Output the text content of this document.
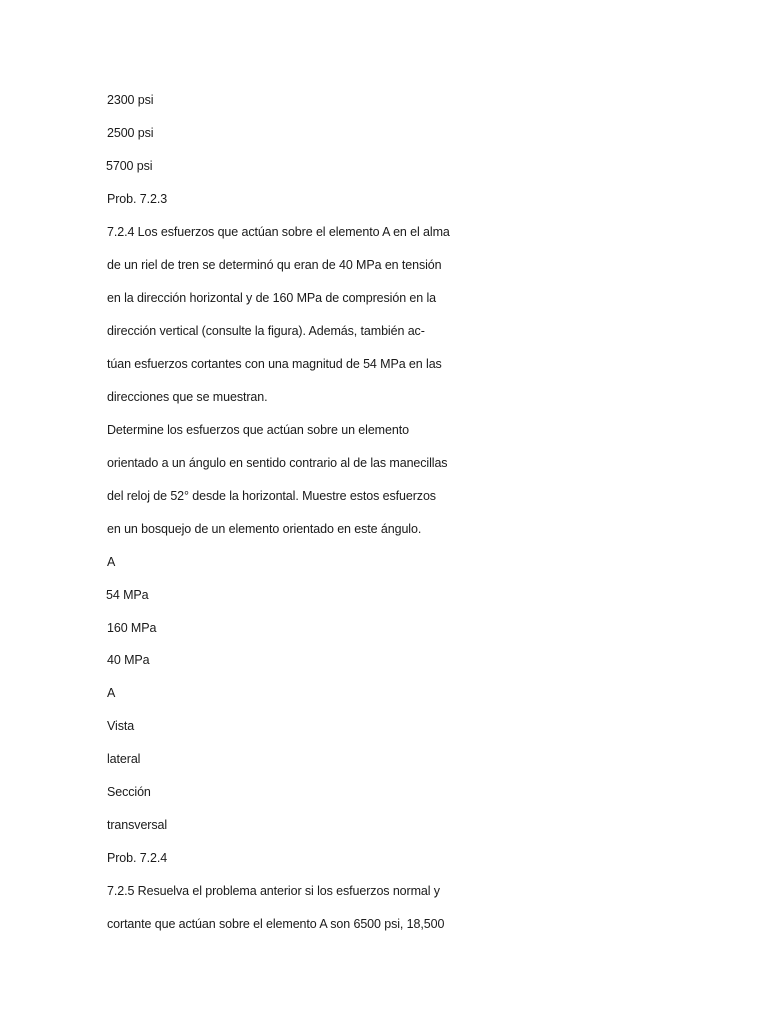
2300 psi

2500 psi

5700 psi

Prob. 7.2.3

7.2.4 Los esfuerzos que actúan sobre el elemento A en el alma

de un riel de tren se determinó qu eran de 40 MPa en tensión

en la dirección horizontal y de 160 MPa de compresión en la

dirección vertical (consulte la figura). Además, también ac-

túan esfuerzos cortantes con una magnitud de 54 MPa en las

direcciones que se muestran.

Determine los esfuerzos que actúan sobre un elemento

orientado a un ángulo en sentido contrario al de las manecillas

del reloj de 52° desde la horizontal. Muestre estos esfuerzos

en un bosquejo de un elemento orientado en este ángulo.

A

54 MPa

160 MPa

40 MPa

A

Vista

lateral

Sección

transversal

Prob. 7.2.4

7.2.5 Resuelva el problema anterior si los esfuerzos normal y

cortante que actúan sobre el elemento A son 6500 psi, 18,500
